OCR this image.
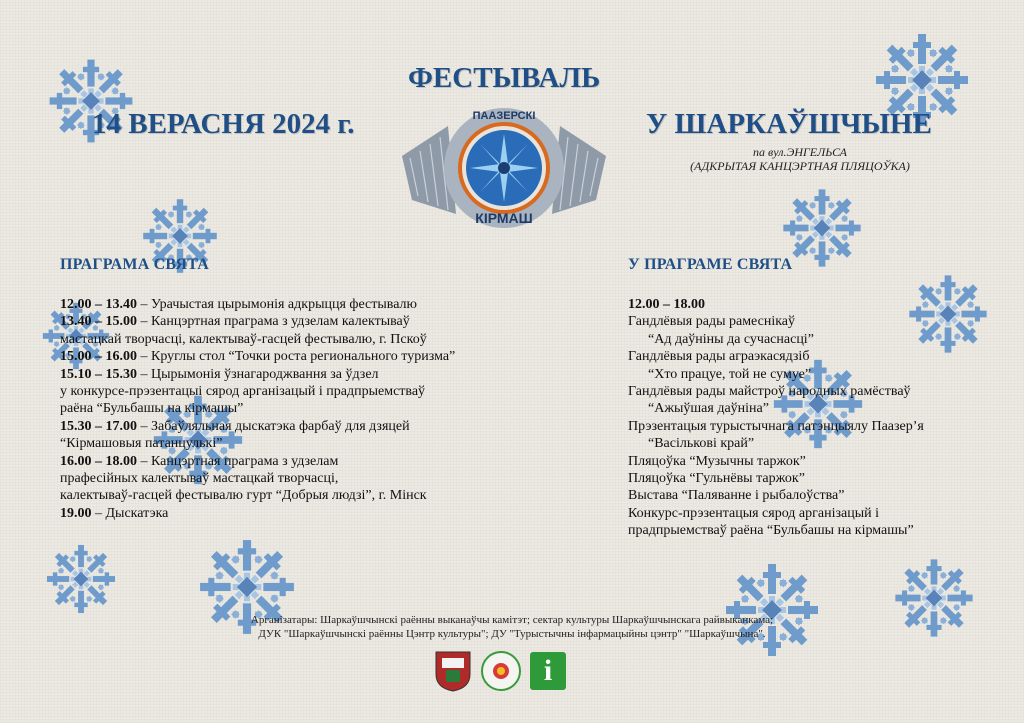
ФЕСТЫВАЛЬ
14 ВЕРАСНЯ 2024 г.	У ШАРКАЎШЧЫНЕ
па вул.ЭНГЕЛЬСА
(АДКРЫТАЯ КАНЦЭРТНАЯ ПЛЯЦОЎКА)
ПААЗЕРСКІ
КІРМАШ
ПРАГРАМА СВЯТА
12.00 – 13.40 – Урачыстая цырымонія адкрыцця фестывалю
13.40 – 15.00 – Канцэртная праграма з удзелам калектываў
мастацкай творчасці, калектываў-гасцей фестывалю, г. Пскоў
15.00 – 16.00 – Круглы стол “Точки роста регионального туризма”
15.10 – 15.30 – Цырымонія ўзнагароджвання за ўдзел
у конкурсе-прэзентацыі сярод арганізацый і прадпрыемстваў
раёна “Бульбашы на кірмашы”
15.30 – 17.00 – Забаўляльная дыскатэка фарбаў для дзяцей
“Кірмашовыя патанцулькі”
16.00 – 18.00 – Канцэртная праграма з удзелам
прафесійных калектываў мастацкай творчасці,
калектываў-гасцей фестывалю гурт “Добрыя людзі”, г. Мінск
19.00 – Дыскатэка
У ПРАГРАМЕ СВЯТА
12.00 – 18.00
Гандлёвыя рады рамеснікаў
“Ад даўніны да сучаснасці”
Гандлёвыя рады аграэкасядзіб
“Хто працуе, той не сумуе”
Гандлёвыя рады майстроў народных рамёстваў
“Ажыўшая даўніна”
Прэзентацыя турыстычнага патэнцыялу Паазер’я
“Васількові край”
Пляцоўка “Музычны таржок”
Пляцоўка “Гульнёвы таржок”
Выстава “Паляванне і рыбалоўства”
Конкурс-прэзентацыя сярод арганізацый і
прадпрыемстваў раёна “Бульбашы на кірмашы”
Арганізатары: Шаркаўшчынскі раённы выканаўчы камітэт; сектар культуры Шаркаўшчынскага райвыканкама;
ДУК "Шаркаўшчынскі раённы Цэнтр культуры"; ДУ "Турыстычны інфармацыйны цэнтр" "Шаркаўшчына".
i
